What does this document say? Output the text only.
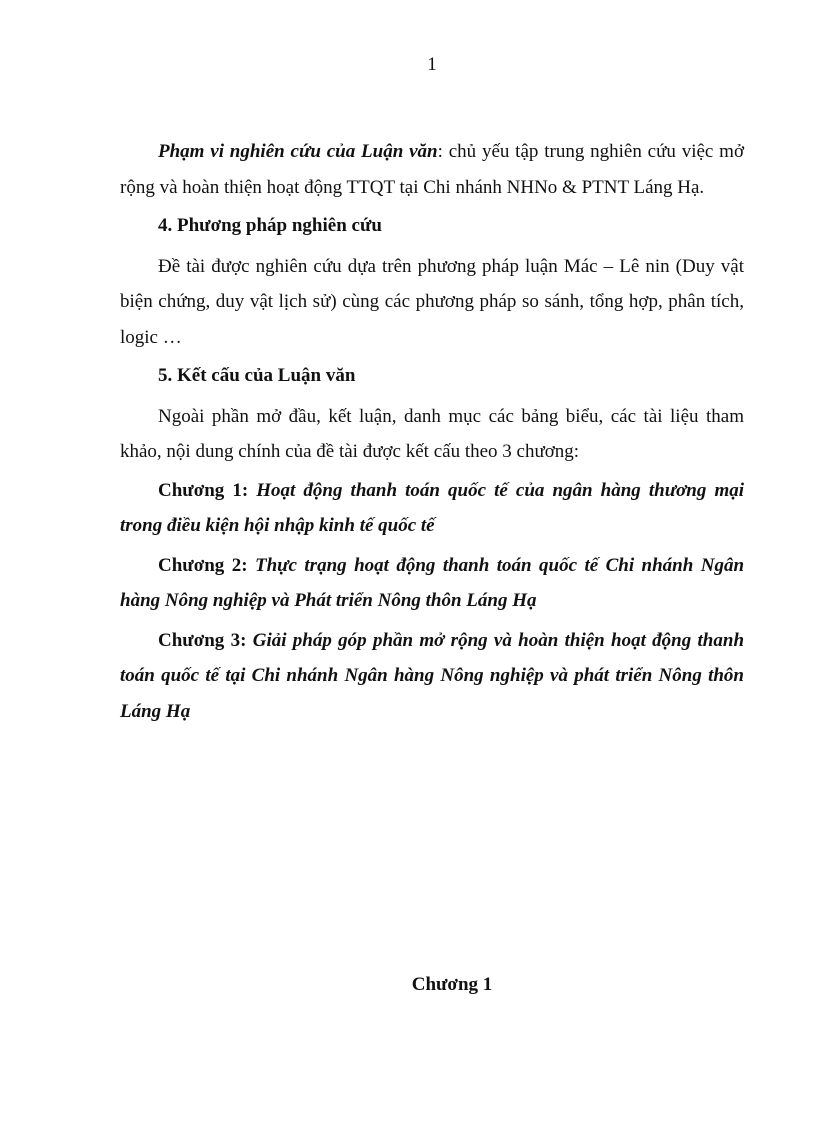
1

Phạm vi nghiên cứu của Luận văn: chủ yếu tập trung nghiên cứu việc mở rộng và hoàn thiện hoạt động TTQT tại Chi nhánh NHNo & PTNT Láng Hạ.

4. Phương pháp nghiên cứu

Đề tài được nghiên cứu dựa trên phương pháp luận Mác – Lê nin (Duy vật biện chứng, duy vật lịch sử) cùng các phương pháp so sánh, tổng hợp, phân tích, logic …

5. Kết cấu của Luận văn

Ngoài phần mở đầu, kết luận, danh mục các bảng biểu, các tài liệu tham khảo, nội dung chính của đề tài được kết cấu theo 3 chương:

Chương 1: Hoạt động thanh toán quốc tế của ngân hàng thương mại trong điều kiện hội nhập kinh tế quốc tế

Chương 2: Thực trạng hoạt động thanh toán quốc tế Chi nhánh Ngân hàng Nông nghiệp và Phát triển Nông thôn Láng Hạ

Chương 3: Giải pháp góp phần mở rộng và hoàn thiện hoạt động thanh toán quốc tế tại Chi nhánh Ngân hàng Nông nghiệp và phát triển Nông thôn Láng Hạ

Chương 1
